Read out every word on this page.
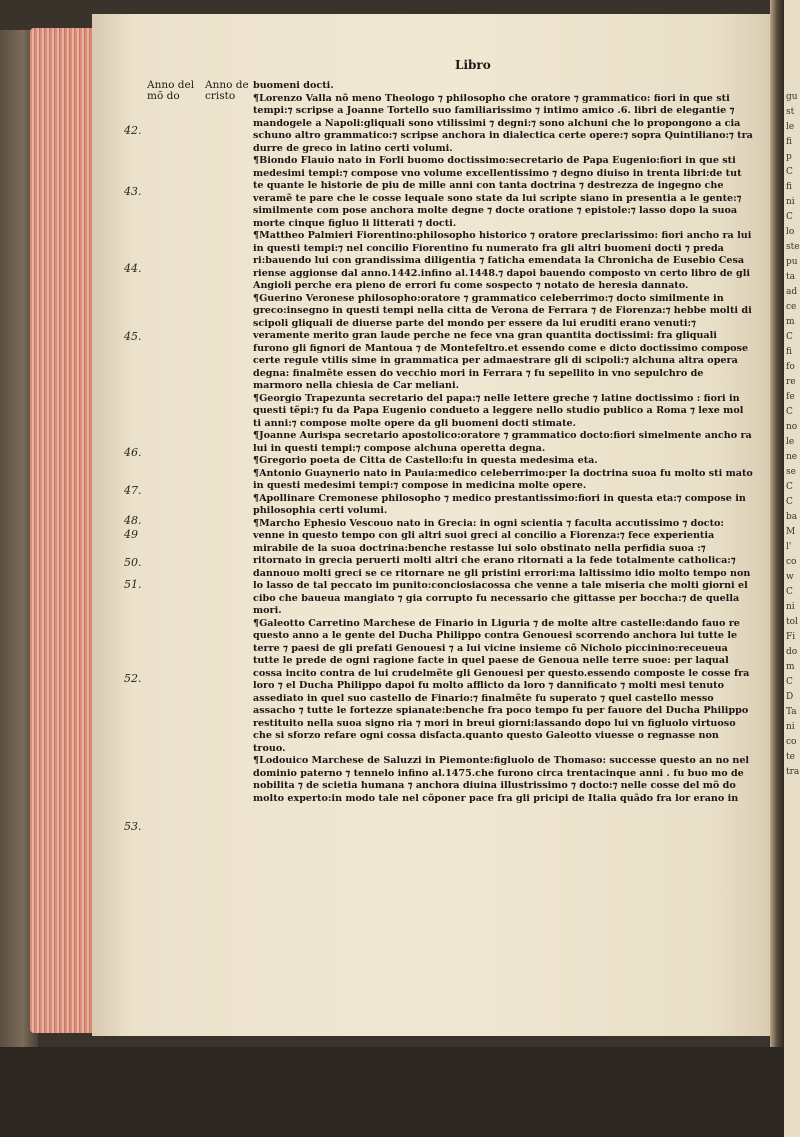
gu
st
le
fi
p
C
fi
ni
C
lo
ste
pu
ta
ad
ce
m
C
fi
fo
re
fe
C
no
le
ne
se
C
C
ba
M
l'
co
w
C
ni
tol
Fi
do
m
C
D
Ta
ni
co
te
tra
Libro
Anno del mõ do
Anno de cristo
42.
43.
44.
45.
46.
47.
48.
49
50.
51.
52.
53.

buomeni docti.

¶Lorenzo Valla nõ meno Theologo ⁊ philosopho che oratore ⁊ grammatico: fiori in que sti tempi:⁊ scripse a Joanne Tortello suo familiarissimo ⁊ intimo amico .6. libri de elegantie ⁊ mandogele a Napoli:gliquali sono vtilissimi ⁊ degni:⁊ sono alchuni che lo propongono a cia schuno altro grammatico:⁊ scripse anchora in dialectica certe opere:⁊ sopra Quintiliano:⁊ tra durre de greco in latino certi volumi.

¶Biondo Flauio nato in Forli buomo doctissimo:secretario de Papa Eugenio:fiori in que sti medesimi tempi:⁊ compose vno volume excellentissimo ⁊ degno diuiso in trenta libri:de tut te quante le historie de piu de mille anni con tanta doctrina ⁊ destrezza de ingegno che veramẽ te pare che le cosse lequale sono state da lui scripte siano in presentia a le gente:⁊ similmente com pose anchora molte degne ⁊ docte oratione ⁊ epistole:⁊ lasso dopo la suoa morte cinque figluo li litterati ⁊ docti.

¶Mattheo Palmieri Fiorentino:philosopho historico ⁊ oratore preclarissimo: fiori ancho ra lui in questi tempi:⁊ nel concilio Fiorentino fu numerato fra gli altri buomeni docti ⁊ preda ri:bauendo lui con grandissima diligentia ⁊ faticha emendata la Chronicha de Eusebio Cesa riense aggionse dal anno.1442.infino al.1448.⁊ dapoi bauendo composto vn certo libro de gli Angioli perche era pieno de errori fu come sospecto ⁊ notato de heresia dannato.

¶Guerino Veronese philosopho:oratore ⁊ grammatico celeberrimo:⁊ docto similmente in greco:insegno in questi tempi nella citta de Verona de Ferrara ⁊ de Fiorenza:⁊ hebbe molti di scipoli gliquali de diuerse parte del mondo per essere da lui eruditi erano venuti:⁊ veramente merito gran laude perche ne fece vna gran quantita doctissimi: fra gliquali furono gli fignori de Mantoua ⁊ de Montefeltro.et essendo come e dicto doctissimo compose certe regule vtilis sime in grammatica per admaestrare gli di scipoli:⁊ alchuna altra opera degna: finalmẽte essen do vecchio mori in Ferrara ⁊ fu sepellito in vno sepulchro de marmoro nella chiesia de Car meliani.

¶Georgio Trapezunta secretario del papa:⁊ nelle lettere greche ⁊ latine doctissimo : fiori in questi tẽpi:⁊ fu da Papa Eugenio condueto a leggere nello studio publico a Roma ⁊ lexe mol ti anni:⁊ compose molte opere da gli buomeni docti stimate.

¶Joanne Aurispa secretario apostolico:oratore ⁊ grammatico docto:fiori simelmente ancho ra lui in questi tempi:⁊ compose alchuna operetta degna.

¶Gregorio poeta de Citta de Castello:fu in questa medesima eta.

¶Antonio Guaynerio nato in Pauia:medico celeberrimo:per la doctrina suoa fu molto sti mato in questi medesimi tempi:⁊ compose in medicina molte opere.

¶Apollinare Cremonese philosopho ⁊ medico prestantissimo:fiori in questa eta:⁊ compose in philosophia certi volumi.

¶Marcho Ephesio Vescouo nato in Grecia: in ogni scientia ⁊ faculta accutissimo ⁊ docto: venne in questo tempo con gli altri suoi greci al concilio a Fiorenza:⁊ fece experientia mirabile de la suoa doctrina:benche restasse lui solo obstinato nella perfidia suoa :⁊ ritornato in grecia peruerti molti altri che erano ritornati a la fede totalmente catholica:⁊ dannouo molti greci se ce ritornare ne gli pristini errori:ma laltissimo idio molto tempo non lo lasso de tal peccato im punito:conciosiacossa che venne a tale miseria che molti giorni el cibo che baueua mangiato ⁊ gia corrupto fu necessario che gittasse per boccha:⁊ de quella mori.

¶Galeotto Carretino Marchese de Finario in Liguria ⁊ de molte altre castelle:dando fauo re questo anno a le gente del Ducha Philippo contra Genouesi scorrendo anchora lui tutte le terre ⁊ paesi de gli prefati Genouesi ⁊ a lui vicine insieme cõ Nicholo piccinino:receueua tutte le prede de ogni ragione facte in quel paese de Genoua nelle terre suoe: per laqual cossa incito contra de lui crudelmẽte gli Genouesi per questo.essendo composte le cosse fra loro ⁊ el Ducha Philippo dapoi fu molto afflicto da loro ⁊ dannificato ⁊ molti mesi tenuto assediato in quel suo castello de Finario:⁊ finalmẽte fu superato ⁊ quel castello messo assacho ⁊ tutte le fortezze spianate:benche fra poco tempo fu per fauore del Ducha Philippo restituito nella suoa signo ria ⁊ mori in breui giorni:lassando dopo lui vn figluolo virtuoso che si sforzo refare ogni cossa disfacta.quanto questo Galeotto viuesse o regnasse non trouo.

¶Lodouico Marchese de Saluzzi in Piemonte:figluolo de Thomaso: successe questo an no nel dominio paterno ⁊ tennelo infino al.1475.che furono circa trentacinque anni . fu buo mo de nobilita ⁊ de scietia humana ⁊ anchora diuina illustrissimo ⁊ docto:⁊ nelle cosse del mõ do molto experto:in modo tale nel cõponer pace fra gli pricipi de Italia quãdo fra lor erano in
